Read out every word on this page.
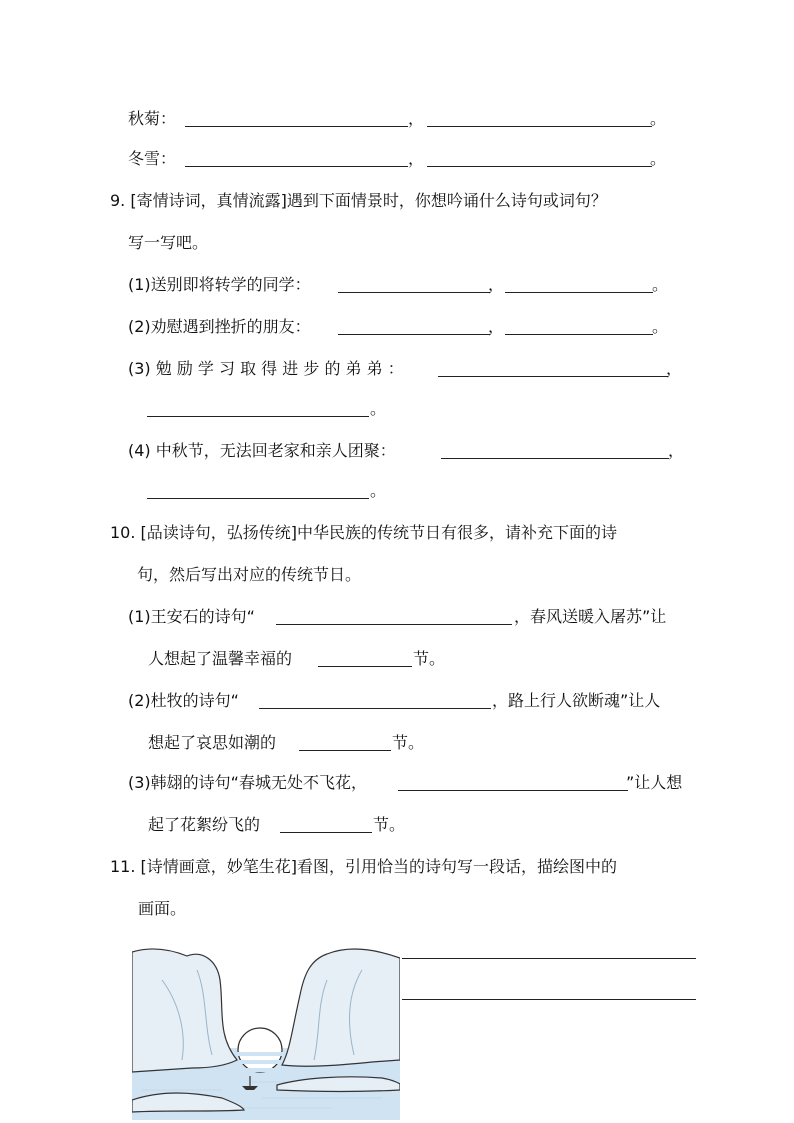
秋菊：	，	。
冬雪：	，	。
9. [寄情诗词，真情流露]遇到下面情景时，你想吟诵什么诗句或词句？
写一写吧。
(1)送别即将转学的同学：	，	。
(2)劝慰遇到挫折的朋友：	，	。
(3) 勉 励 学 习 取 得 进 步 的 弟 弟 ：	，
。
(4) 中秋节，无法回老家和亲人团聚：	，
。
10. [品读诗句，弘扬传统]中华民族的传统节日有很多，请补充下面的诗
句，然后写出对应的传统节日。
(1)王安石的诗句“	，春风送暖入屠苏”让
人想起了温馨幸福的	节。
(2)杜牧的诗句“	，路上行人欲断魂”让人
想起了哀思如潮的	节。
(3)韩翃的诗句“春城无处不飞花，	”让人想
起了花絮纷飞的	节。
11. [诗情画意，妙笔生花]看图，引用恰当的诗句写一段话，描绘图中的
画面。
